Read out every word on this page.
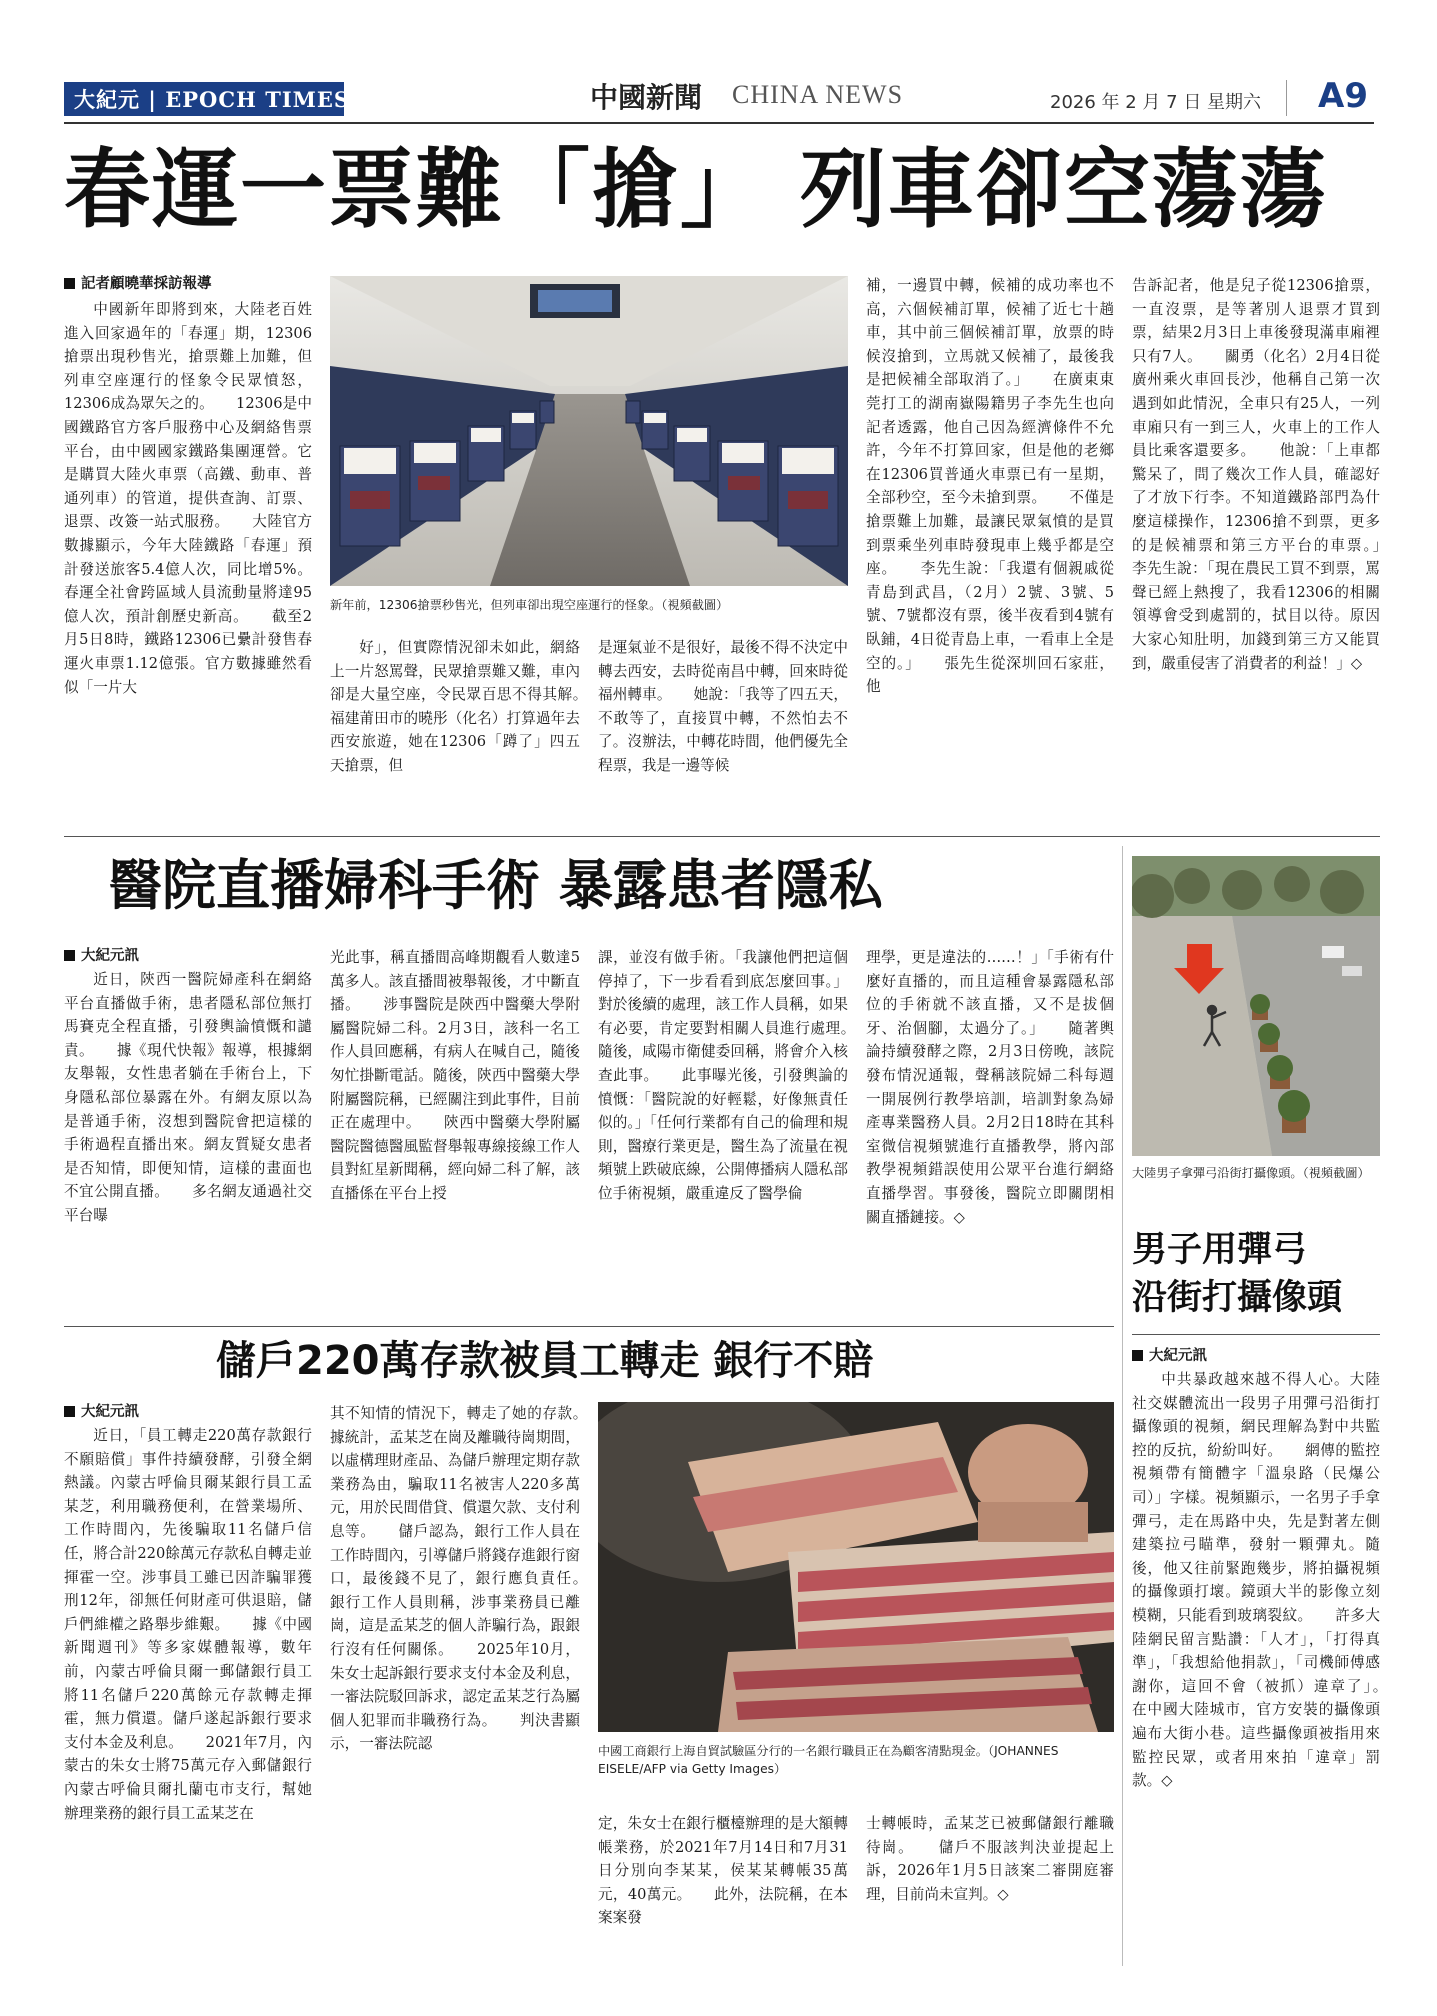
大紀元 | EPOCH TIMES	中國新聞 CHINA NEWS	2026 年 2 月 7 日 星期六 A9
春運一票難「搶」 列車卻空蕩蕩
記者顧曉華採訪報導
中國新年即將到來，大陸老百姓進入回家過年的「春運」期，12306搶票出現秒售光，搶票難上加難，但列車空座運行的怪象令民眾憤怒，12306成為眾矢之的。　　12306是中國鐵路官方客戶服務中心及網絡售票平台，由中國國家鐵路集團運營。它是購買大陸火車票（高鐵、動車、普通列車）的管道，提供查詢、訂票、退票、改簽一站式服務。　　大陸官方數據顯示，今年大陸鐵路「春運」預計發送旅客5.4億人次，同比增5%。春運全社會跨區域人員流動量將達95億人次，預計創歷史新高。　　截至2月5日8時，鐵路12306已纍計發售春運火車票1.12億張。官方數據雖然看似「一片大
新年前，12306搶票秒售光，但列車卻出現空座運行的怪象。（視頻截圖）
好」，但實際情況卻未如此，網絡上一片怒罵聲，民眾搶票難又難，車內卻是大量空座，令民眾百思不得其解。　　福建莆田市的曉彤（化名）打算過年去西安旅遊，她在12306「蹲了」四五天搶票，但
是運氣並不是很好，最後不得不決定中轉去西安，去時從南昌中轉，回來時從福州轉車。　　她說：「我等了四五天，不敢等了，直接買中轉，不然怕去不了。沒辦法，中轉花時間，他們優先全程票，我是一邊等候
補，一邊買中轉，候補的成功率也不高，六個候補訂單，候補了近七十趟車，其中前三個候補訂單，放票的時候沒搶到，立馬就又候補了，最後我是把候補全部取消了。」　　在廣東東莞打工的湖南嶽陽籍男子李先生也向記者透露，他自己因為經濟條件不允許，今年不打算回家，但是他的老鄉在12306買普通火車票已有一星期，全部秒空，至今未搶到票。　　不僅是搶票難上加難，最讓民眾氣憤的是買到票乘坐列車時發現車上幾乎都是空座。　　李先生說：「我還有個親戚從青島到武昌，（2月）2號、3號、5號、7號都沒有票，後半夜看到4號有臥鋪，4日從青島上車，一看車上全是空的。」　　張先生從深圳回石家莊，他
告訴記者，他是兒子從12306搶票，一直沒票，是等著別人退票才買到票，結果2月3日上車後發現滿車廂裡只有7人。　　關勇（化名）2月4日從廣州乘火車回長沙，他稱自己第一次遇到如此情況，全車只有25人，一列車廂只有一到三人，火車上的工作人員比乘客還要多。　　他說：「上車都驚呆了，問了幾次工作人員，確認好了才放下行李。不知道鐵路部門為什麼這樣操作，12306搶不到票，更多的是候補票和第三方平台的車票。」　　李先生說：「現在農民工買不到票，罵聲已經上熱搜了，我看12306的相關領導會受到處罰的，拭目以待。原因大家心知肚明，加錢到第三方又能買到，嚴重侵害了消費者的利益！」◇
醫院直播婦科手術 暴露患者隱私
大紀元訊
近日，陝西一醫院婦產科在網絡平台直播做手術，患者隱私部位無打馬賽克全程直播，引發輿論憤慨和譴責。　　據《現代快報》報導，根據網友舉報，女性患者躺在手術台上，下身隱私部位暴露在外。有網友原以為是普通手術，沒想到醫院會把這樣的手術過程直播出來。網友質疑女患者是否知情，即便知情，這樣的畫面也不宜公開直播。　　多名網友通過社交平台曝
光此事，稱直播間高峰期觀看人數達5萬多人。該直播間被舉報後，才中斷直播。　　涉事醫院是陝西中醫藥大學附屬醫院婦二科。2月3日，該科一名工作人員回應稱，有病人在喊自己，隨後匆忙掛斷電話。隨後，陝西中醫藥大學附屬醫院稱，已經關注到此事件，目前正在處理中。　　陝西中醫藥大學附屬醫院醫德醫風監督舉報專線接線工作人員對紅星新聞稱，經向婦二科了解，該直播係在平台上授
課，並沒有做手術。「我讓他們把這個停掉了，下一步看看到底怎麼回事。」對於後續的處理，該工作人員稱，如果有必要，肯定要對相關人員進行處理。　　隨後，咸陽市衛健委回稱，將會介入核查此事。　　此事曝光後，引發輿論的憤慨：「醫院說的好輕鬆，好像無責任似的。」「任何行業都有自己的倫理和規則，醫療行業更是，醫生為了流量在視頻號上跌破底線，公開傳播病人隱私部位手術視頻，嚴重違反了醫學倫
理學，更是違法的……！」「手術有什麼好直播的，而且這種會暴露隱私部位的手術就不該直播，又不是拔個牙、治個腳，太過分了。」　　隨著輿論持續發酵之際，2月3日傍晚，該院發布情況通報，聲稱該院婦二科每週一開展例行教學培訓，培訓對象為婦產專業醫務人員。2月2日18時在其科室微信視頻號進行直播教學，將內部教學視頻錯誤使用公眾平台進行網絡直播學習。事發後，醫院立即關閉相關直播鏈接。◇
大陸男子拿彈弓沿街打攝像頭。（視頻截圖）
男子用彈弓
沿街打攝像頭
大紀元訊
中共暴政越來越不得人心。大陸社交媒體流出一段男子用彈弓沿街打攝像頭的視頻，網民理解為對中共監控的反抗，紛紛叫好。　　網傳的監控視頻帶有簡體字「溫泉路（民爆公司）」字樣。視頻顯示，一名男子手拿彈弓，走在馬路中央，先是對著左側建築拉弓瞄準，發射一顆彈丸。隨後，他又往前緊跑幾步，將拍攝視頻的攝像頭打壞。鏡頭大半的影像立刻模糊，只能看到玻璃裂紋。　　許多大陸網民留言點讚：「人才」，「打得真準」，「我想給他捐款」，「司機師傅感謝你，這回不會（被抓）違章了」。　　在中國大陸城市，官方安裝的攝像頭遍布大街小巷。這些攝像頭被指用來監控民眾，或者用來拍「違章」罰款。◇
儲戶220萬存款被員工轉走 銀行不賠
大紀元訊
近日，「員工轉走220萬存款銀行不願賠償」事件持續發酵，引發全網熱議。內蒙古呼倫貝爾某銀行員工孟某芝，利用職務便利，在營業場所、工作時間內，先後騙取11名儲戶信任，將合計220餘萬元存款私自轉走並揮霍一空。涉事員工雖已因詐騙罪獲刑12年，卻無任何財產可供退賠，儲戶們維權之路舉步維艱。　　據《中國新聞週刊》等多家媒體報導，數年前，內蒙古呼倫貝爾一郵儲銀行員工將11名儲戶220萬餘元存款轉走揮霍，無力償還。儲戶遂起訴銀行要求支付本金及利息。　　2021年7月，內蒙古的朱女士將75萬元存入郵儲銀行內蒙古呼倫貝爾扎蘭屯市支行，幫她辦理業務的銀行員工孟某芝在
其不知情的情況下，轉走了她的存款。　　據統計，孟某芝在崗及離職待崗期間，以虛構理財產品、為儲戶辦理定期存款業務為由，騙取11名被害人220多萬元，用於民間借貸、償還欠款、支付利息等。　　儲戶認為，銀行工作人員在工作時間內，引導儲戶將錢存進銀行窗口，最後錢不見了，銀行應負責任。　　銀行工作人員則稱，涉事業務員已離崗，這是孟某芝的個人詐騙行為，跟銀行沒有任何關係。　　2025年10月，朱女士起訴銀行要求支付本金及利息，一審法院駁回訴求，認定孟某芝行為屬個人犯罪而非職務行為。　　判決書顯示，一審法院認	中國工商銀行上海自貿試驗區分行的一名銀行職員正在為顧客清點現金。（JOHANNES EISELE/AFP via Getty Images）
定，朱女士在銀行櫃檯辦理的是大額轉帳業務，於2021年7月14日和7月31日分別向李某某，侯某某轉帳35萬元，40萬元。　　此外，法院稱，在本案案發
士轉帳時，孟某芝已被郵儲銀行離職待崗。　　儲戶不服該判決並提起上訴，2026年1月5日該案二審開庭審理，目前尚未宣判。◇
